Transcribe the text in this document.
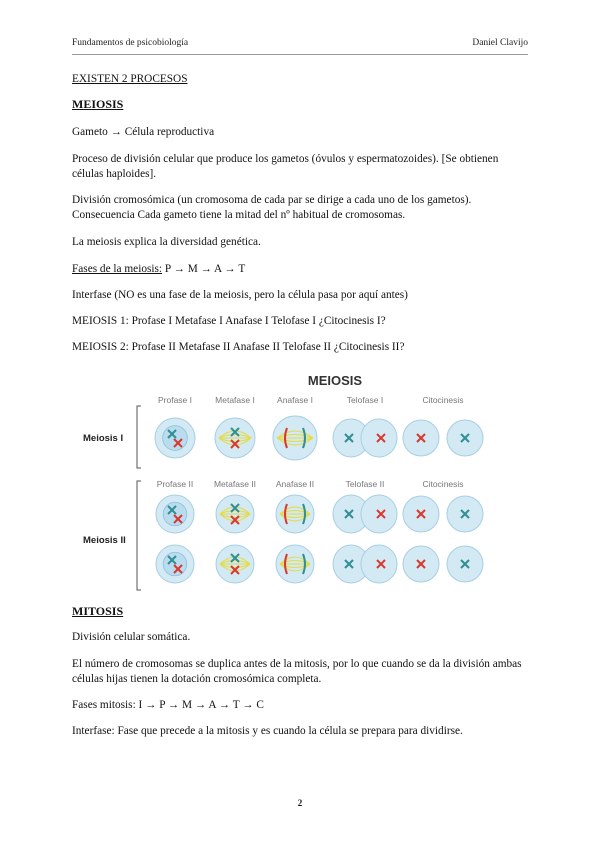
Fundamentos de psicobiología	Daniel Clavijo
EXISTEN 2 PROCESOS
MEIOSIS
Gameto → Célula reproductiva
Proceso de división celular que produce los gametos (óvulos y espermatozoides). [Se obtienen células haploides].
División cromosómica (un cromosoma de cada par se dirige a cada uno de los gametos).
Consecuencia Cada gameto tiene la mitad del nº habitual de cromosomas.
La meiosis explica la diversidad genética.
Fases de la meiosis: P → M → A → T
Interfase (NO es una fase de la meiosis, pero la célula pasa por aquí antes)
MEIOSIS 1: Profase I Metafase I Anafase I Telofase I ¿Citocinesis I?
MEIOSIS 2: Profase II Metafase II Anafase II Telofase II ¿Citocinesis II?
MEIOSIS
Meiosis I
Meiosis II
Profase I	Metafase I	Anafase I	Telofase I	Citocinesis
Profase II Metafase II Anafase II	Telofase II	Citocinesis
MITOSIS
División celular somática.
El número de cromosomas se duplica antes de la mitosis, por lo que cuando se da la división ambas células hijas tienen la dotación cromosómica completa.
Fases mitosis: I → P → M → A → T → C
Interfase: Fase que precede a la mitosis y es cuando la célula se prepara para dividirse.
2
